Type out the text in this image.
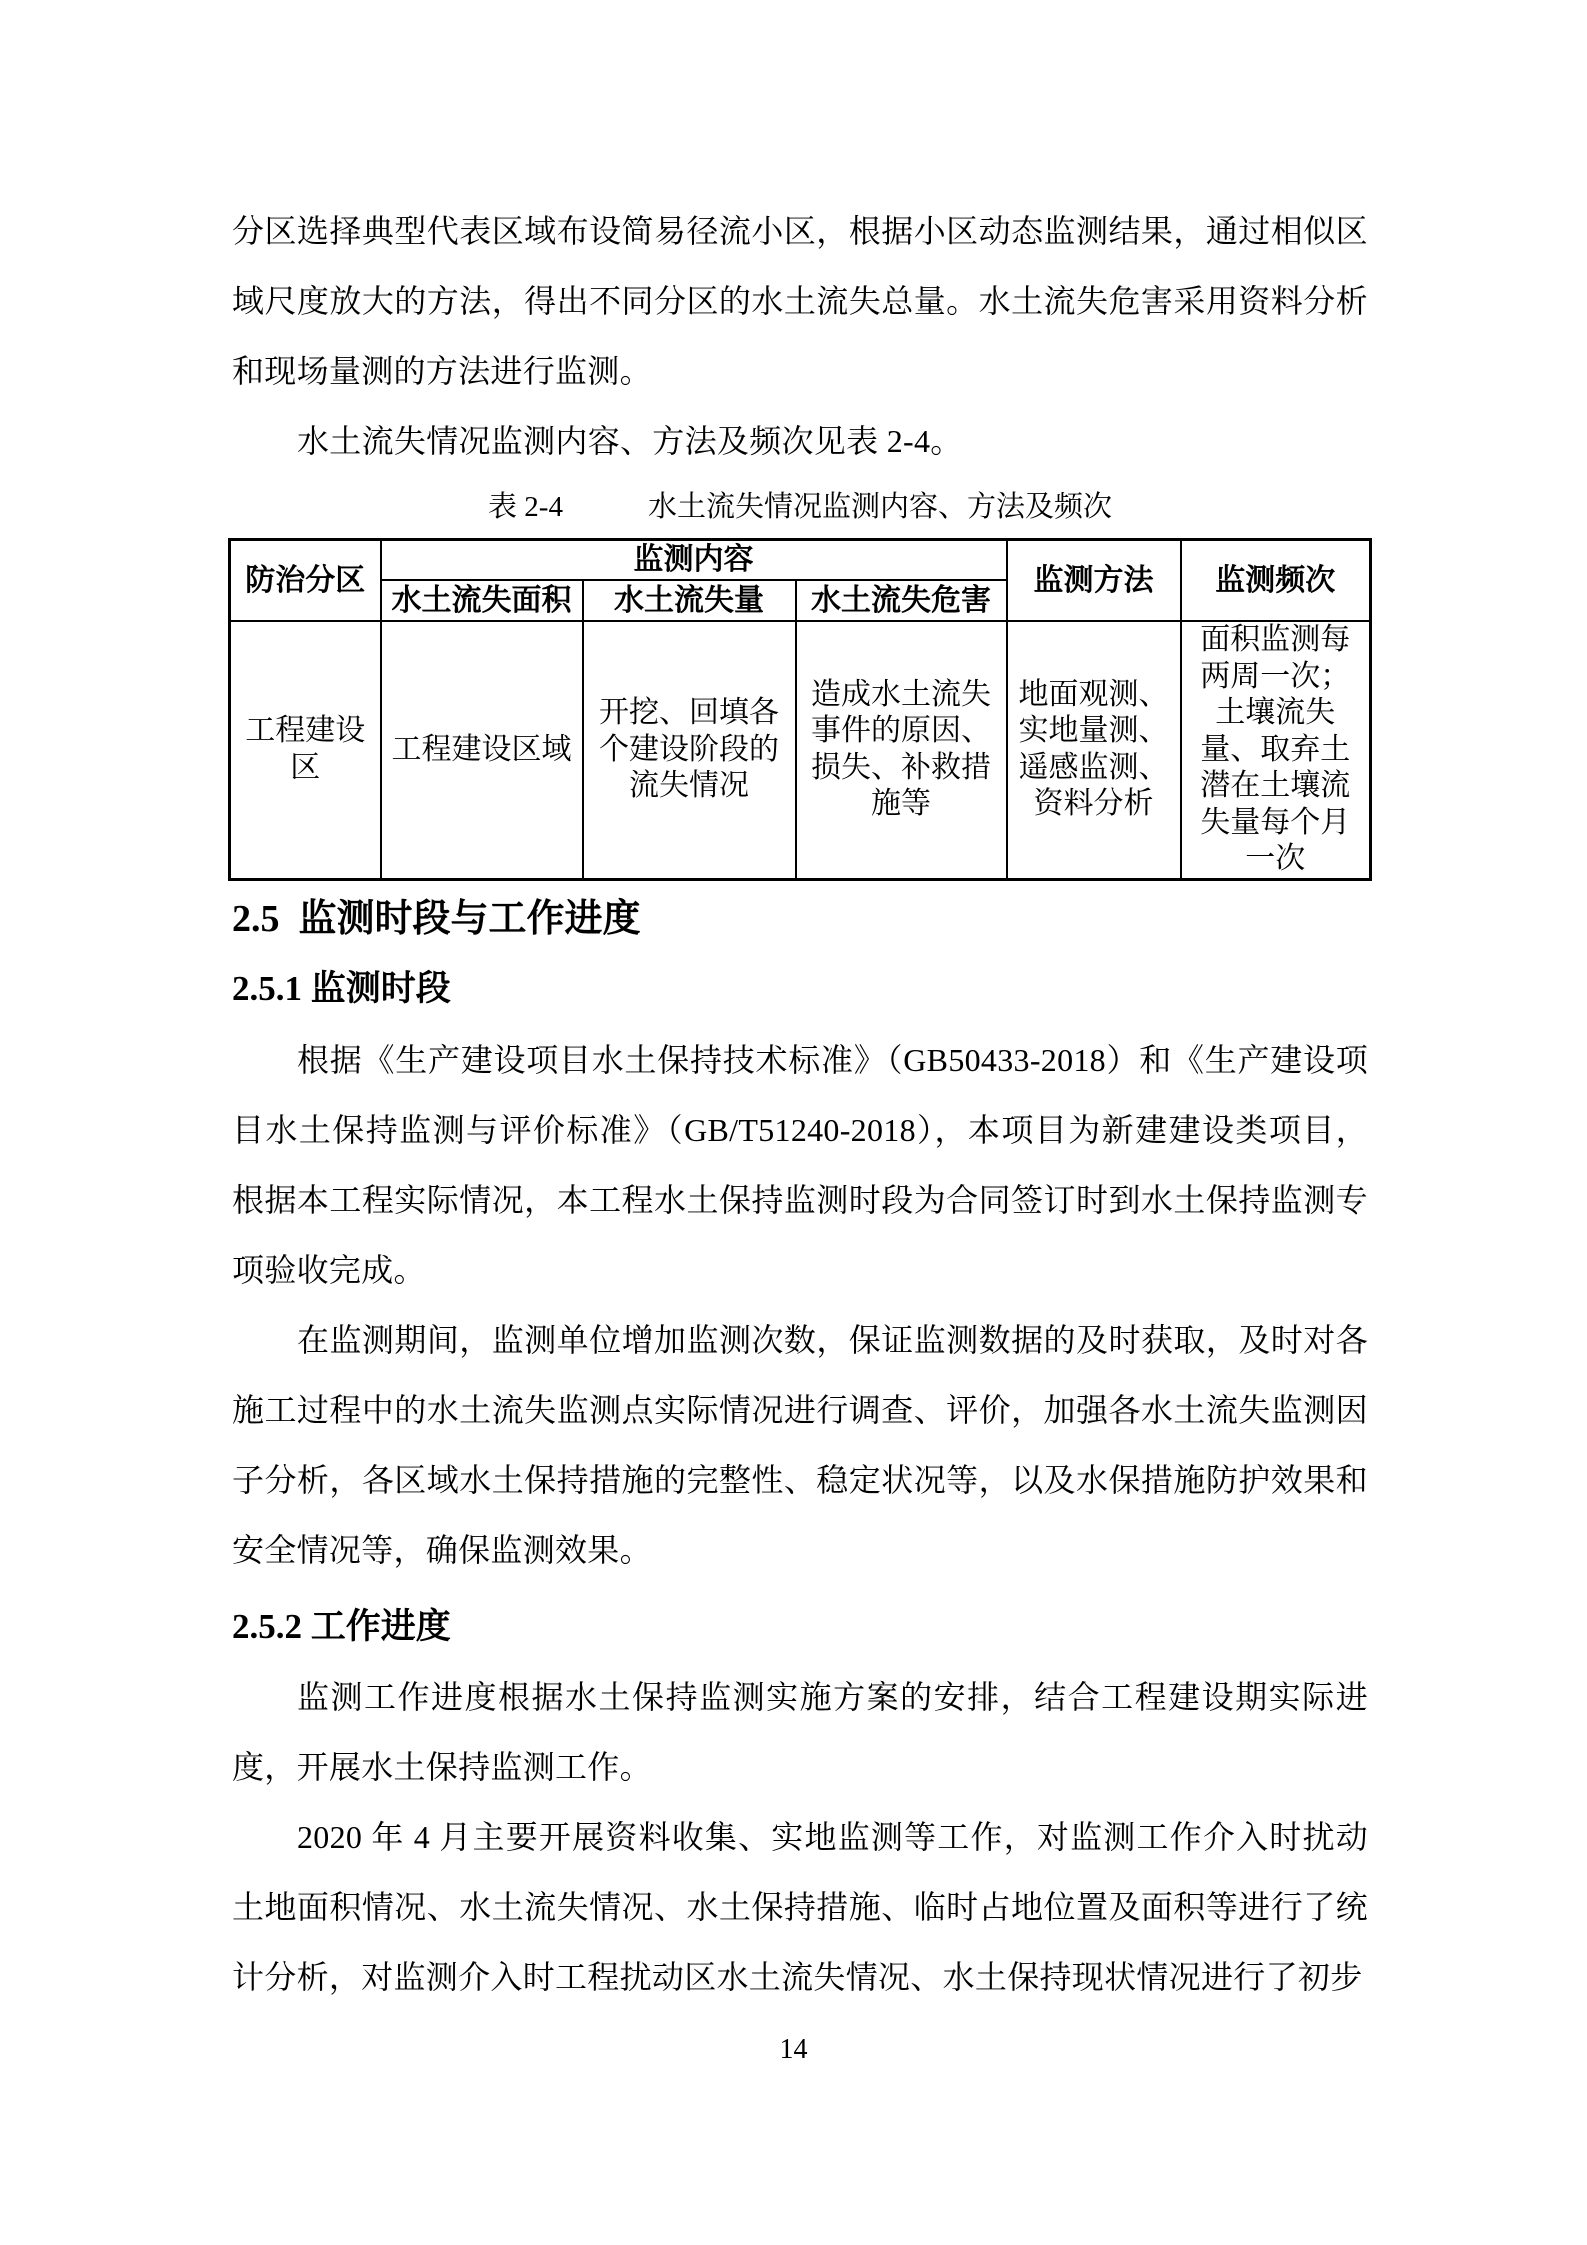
分区选择典型代表区域布设简易径流小区，根据小区动态监测结果，通过相似区域尺度放大的方法，得出不同分区的水土流失总量。水土流失危害采用资料分析和现场量测的方法进行监测。

水土流失情况监测内容、方法及频次见表 2-4。

表 2-4	水土流失情况监测内容、方法及频次
防治分区	监测内容			监测方法	监测频次
	水土流失面积	水土流失量	水土流失危害		
工程建设区	工程建设区域	开挖、回填各个建设阶段的流失情况	造成水土流失事件的原因、损失、补救措施等	地面观测、实地量测、遥感监测、资料分析	面积监测每两周一次；土壤流失量、取弃土潜在土壤流失量每个月一次
2.5  监测时段与工作进度
2.5.1 监测时段

根据《生产建设项目水土保持技术标准》（GB50433-2018）和《生产建设项目水土保持监测与评价标准》（GB/T51240-2018），本项目为新建建设类项目，根据本工程实际情况，本工程水土保持监测时段为合同签订时到水土保持监测专项验收完成。

在监测期间，监测单位增加监测次数，保证监测数据的及时获取，及时对各施工过程中的水土流失监测点实际情况进行调查、评价，加强各水土流失监测因子分析，各区域水土保持措施的完整性、稳定状况等，以及水保措施防护效果和安全情况等，确保监测效果。

2.5.2 工作进度

监测工作进度根据水土保持监测实施方案的安排，结合工程建设期实际进度，开展水土保持监测工作。

2020 年 4 月主要开展资料收集、实地监测等工作，对监测工作介入时扰动土地面积情况、水土流失情况、水土保持措施、临时占地位置及面积等进行了统计分析，对监测介入时工程扰动区水土流失情况、水土保持现状情况进行了初步

14
